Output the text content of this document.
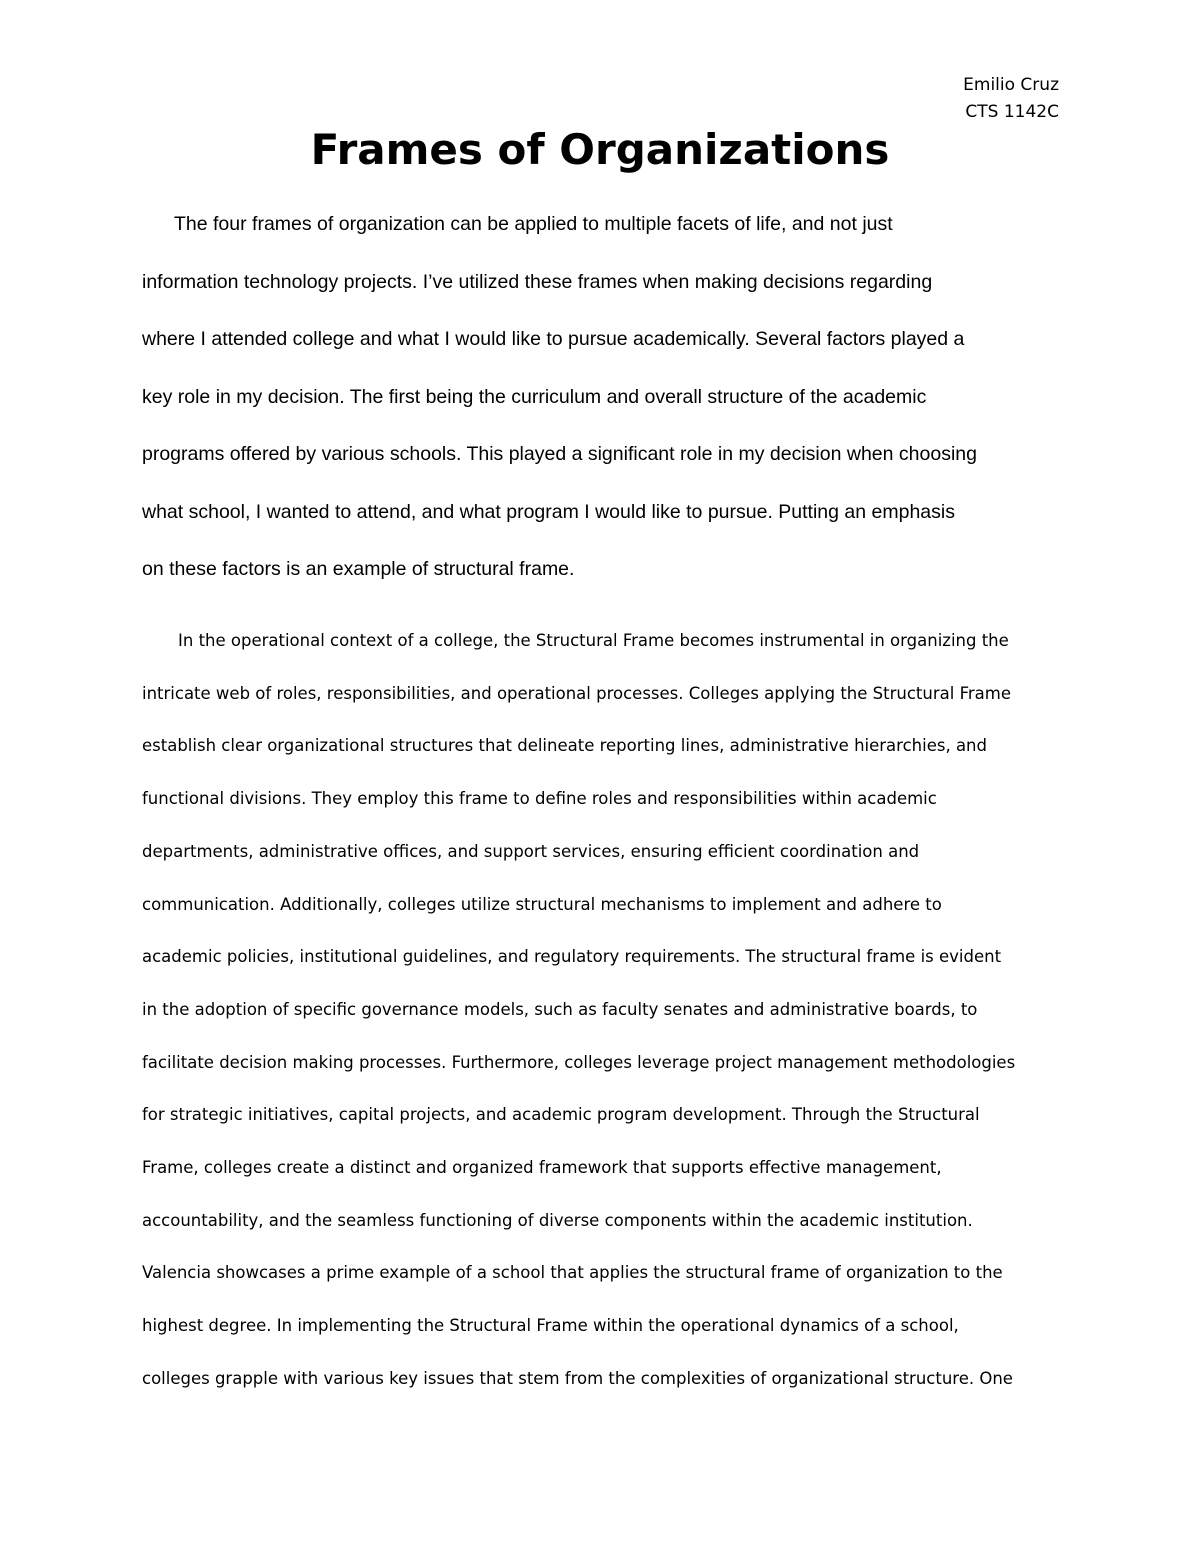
Emilio Cruz
CTS 1142C
Frames of Organizations

The four frames of organization can be applied to multiple facets of life, and not just
information technology projects. I’ve utilized these frames when making decisions regarding
where I attended college and what I would like to pursue academically. Several factors played a
key role in my decision. The first being the curriculum and overall structure of the academic
programs offered by various schools. This played a significant role in my decision when choosing
what school, I wanted to attend, and what program I would like to pursue. Putting an emphasis
on these factors is an example of structural frame.

In the operational context of a college, the Structural Frame becomes instrumental in organizing the
intricate web of roles, responsibilities, and operational processes. Colleges applying the Structural Frame
establish clear organizational structures that delineate reporting lines, administrative hierarchies, and
functional divisions. They employ this frame to define roles and responsibilities within academic
departments, administrative offices, and support services, ensuring efficient coordination and
communication. Additionally, colleges utilize structural mechanisms to implement and adhere to
academic policies, institutional guidelines, and regulatory requirements. The structural frame is evident
in the adoption of specific governance models, such as faculty senates and administrative boards, to
facilitate decision making processes. Furthermore, colleges leverage project management methodologies
for strategic initiatives, capital projects, and academic program development. Through the Structural
Frame, colleges create a distinct and organized framework that supports effective management,
accountability, and the seamless functioning of diverse components within the academic institution.
Valencia showcases a prime example of a school that applies the structural frame of organization to the
highest degree. In implementing the Structural Frame within the operational dynamics of a school,
colleges grapple with various key issues that stem from the complexities of organizational structure. One
